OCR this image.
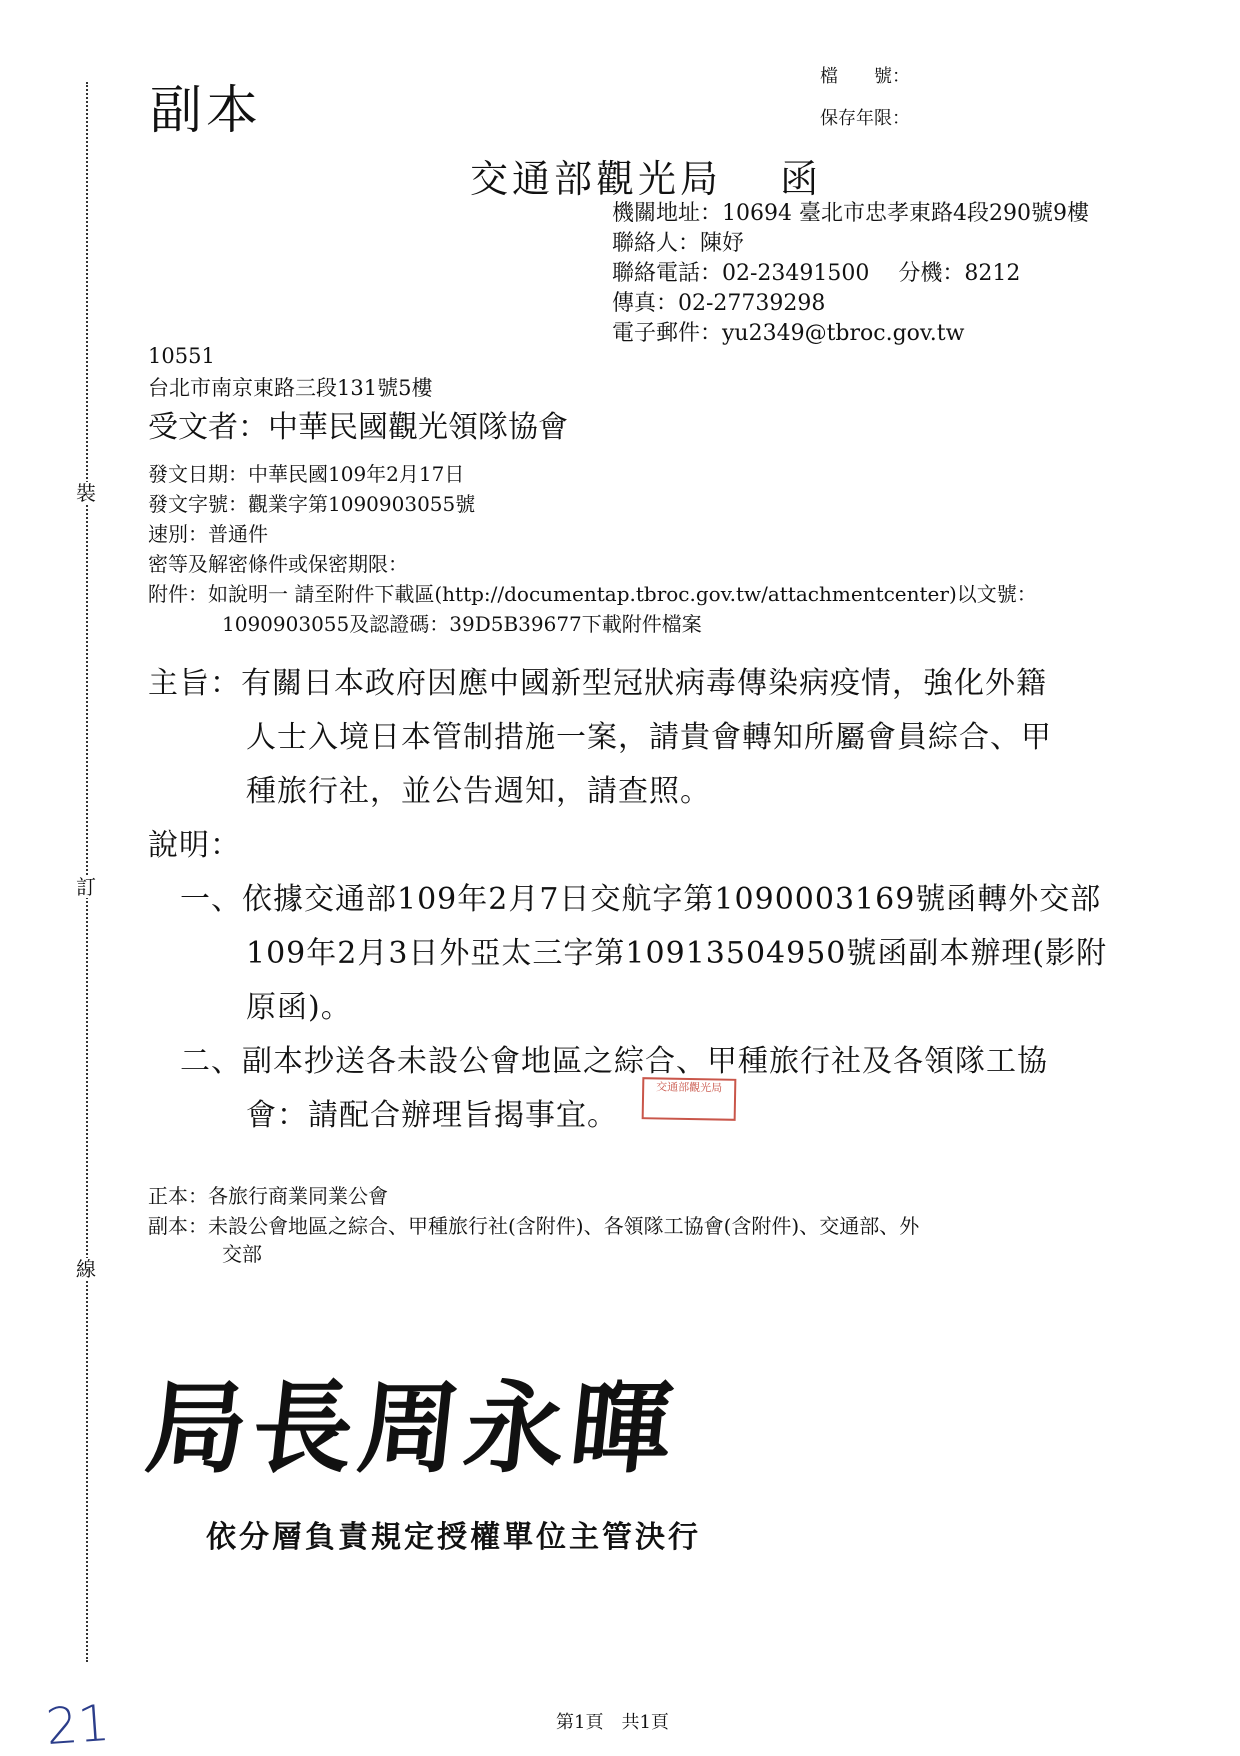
裝
訂
線
副本
檔　　號：
保存年限：
交通部觀光局　 函
機關地址：10694 臺北市忠孝東路4段290號9樓
聯絡人：陳妤
聯絡電話：02-23491500　 分機：8212
傳真：02-27739298
電子郵件：yu2349@tbroc.gov.tw
10551
台北市南京東路三段131號5樓
受文者：中華民國觀光領隊協會
發文日期：中華民國109年2月17日
發文字號：觀業字第1090903055號
速別：普通件
密等及解密條件或保密期限：
附件：如說明一 請至附件下載區(http://documentap.tbroc.gov.tw/attachmentcenter)以文號：
1090903055及認證碼：39D5B39677下載附件檔案
主旨：有關日本政府因應中國新型冠狀病毒傳染病疫情，強化外籍
人士入境日本管制措施一案，請貴會轉知所屬會員綜合、甲
種旅行社，並公告週知，請查照。
說明：
一、依據交通部109年2月7日交航字第1090003169號函轉外交部
109年2月3日外亞太三字第10913504950號函副本辦理(影附
原函)。
二、副本抄送各未設公會地區之綜合、甲種旅行社及各領隊工協
會：請配合辦理旨揭事宜。
交通部觀光局
正本：各旅行商業同業公會
副本：未設公會地區之綜合、甲種旅行社(含附件)、各領隊工協會(含附件)、交通部、外
交部
局長周永暉
依分層負責規定授權單位主管決行
第1頁　共1頁
21
